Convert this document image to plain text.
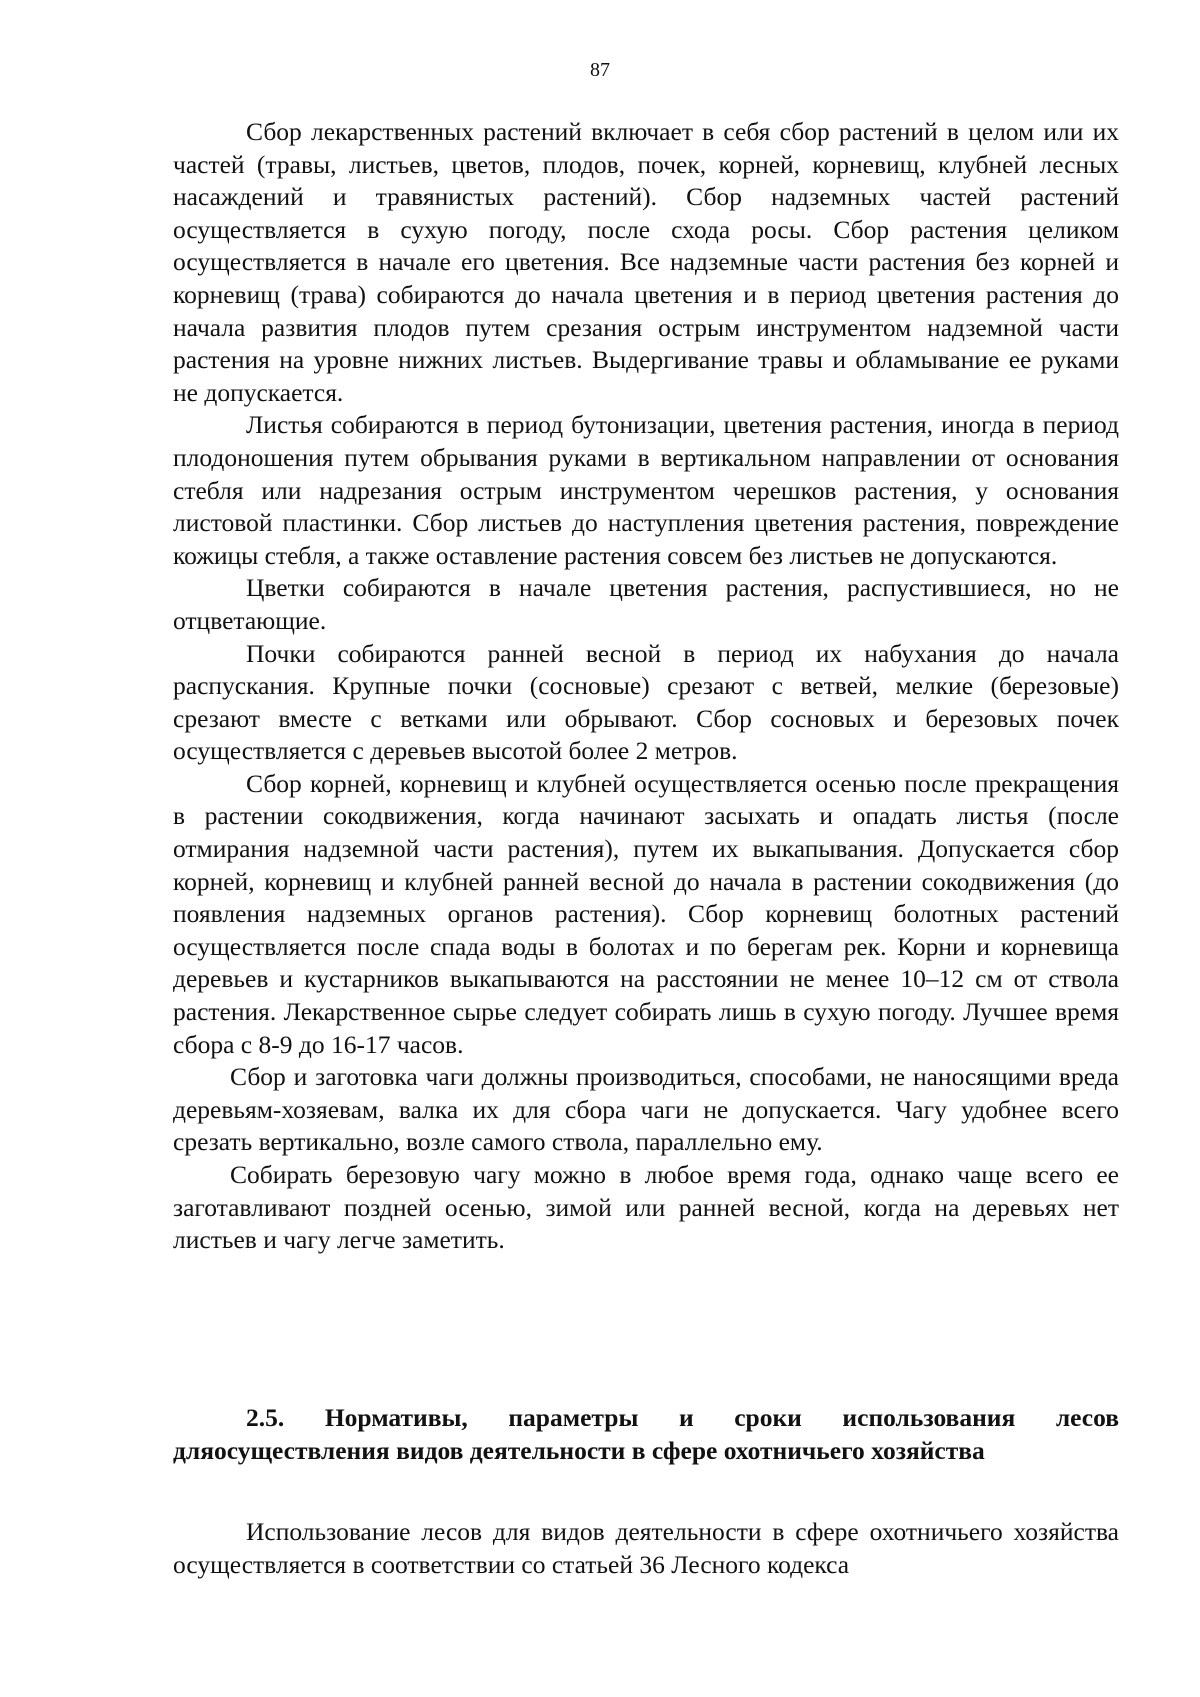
87

Сбор лекарственных растений включает в себя сбор растений в целом или их частей (травы, листьев, цветов, плодов, почек, корней, корневищ, клубней лесных насаждений и травянистых растений). Сбор надземных частей растений осуществляется в сухую погоду, после схода росы. Сбор растения целиком осуществляется в начале его цветения. Все надземные части растения без корней и корневищ (трава) собираются до начала цветения и в период цветения растения до начала развития плодов путем срезания острым инструментом надземной части растения на уровне нижних листьев. Выдергивание травы и обламывание ее руками не допускается.

Листья собираются в период бутонизации, цветения растения, иногда в период плодоношения путем обрывания руками в вертикальном направлении от основания стебля или надрезания острым инструментом черешков растения, у основания листовой пластинки. Сбор листьев до наступления цветения растения, повреждение кожицы стебля, а также оставление растения совсем без листьев не допускаются.

Цветки собираются в начале цветения растения, распустившиеся, но не отцветающие.

Почки собираются ранней весной в период их набухания до начала распускания. Крупные почки (сосновые) срезают с ветвей, мелкие (березовые) срезают вместе с ветками или обрывают. Сбор сосновых и березовых почек осуществляется с деревьев высотой более 2 метров.

Сбор корней, корневищ и клубней осуществляется осенью после прекращения в растении сокодвижения, когда начинают засыхать и опадать листья (после отмирания надземной части растения), путем их выкапывания. Допускается сбор корней, корневищ и клубней ранней весной до начала в растении сокодвижения (до появления надземных органов растения). Сбор корневищ болотных растений осуществляется после спада воды в болотах и по берегам рек. Корни и корневища деревьев и кустарников выкапываются на расстоянии не менее 10–12 см от ствола растения. Лекарственное сырье следует собирать лишь в сухую погоду. Лучшее время сбора с 8-9 до 16-17 часов.

Сбор и заготовка чаги должны производиться, способами, не наносящими вреда деревьям-хозяевам, валка их для сбора чаги не допускается. Чагу удобнее всего срезать вертикально, возле самого ствола, параллельно ему.

Собирать березовую чагу можно в любое время года, однако чаще всего ее заготавливают поздней осенью, зимой или ранней весной, когда на деревьях нет листьев и чагу легче заметить.

2.5. Нормативы, параметры и сроки использования лесов дляосуществления видов деятельности в сфере охотничьего хозяйства

Использование лесов для видов деятельности в сфере охотничьего хозяйства осуществляется в соответствии со статьей 36 Лесного кодекса
